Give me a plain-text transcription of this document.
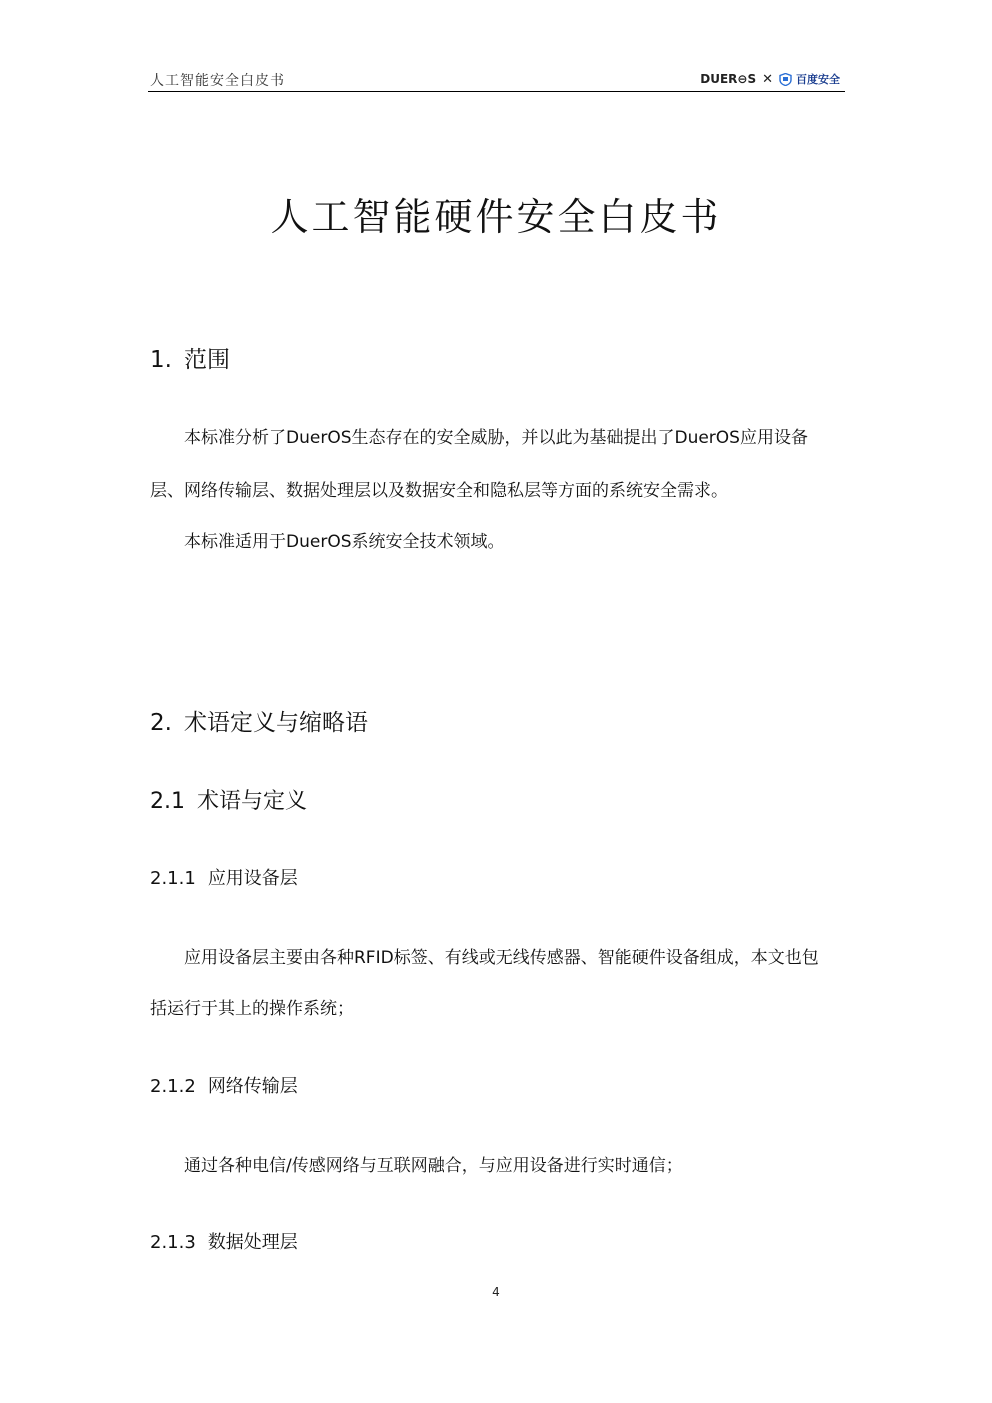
人工智能安全白皮书	DUER⊖S ✕ 百度安全
人工智能硬件安全白皮书
1. 范围
本标准分析了DuerOS生态存在的安全威胁，并以此为基础提出了DuerOS应用设备
层、网络传输层、数据处理层以及数据安全和隐私层等方面的系统安全需求。
本标准适用于DuerOS系统安全技术领域。
2. 术语定义与缩略语
2.1 术语与定义
2.1.1 应用设备层
应用设备层主要由各种RFID标签、有线或无线传感器、智能硬件设备组成，本文也包
括运行于其上的操作系统；
2.1.2 网络传输层
通过各种电信/传感网络与互联网融合，与应用设备进行实时通信；
2.1.3 数据处理层
4
